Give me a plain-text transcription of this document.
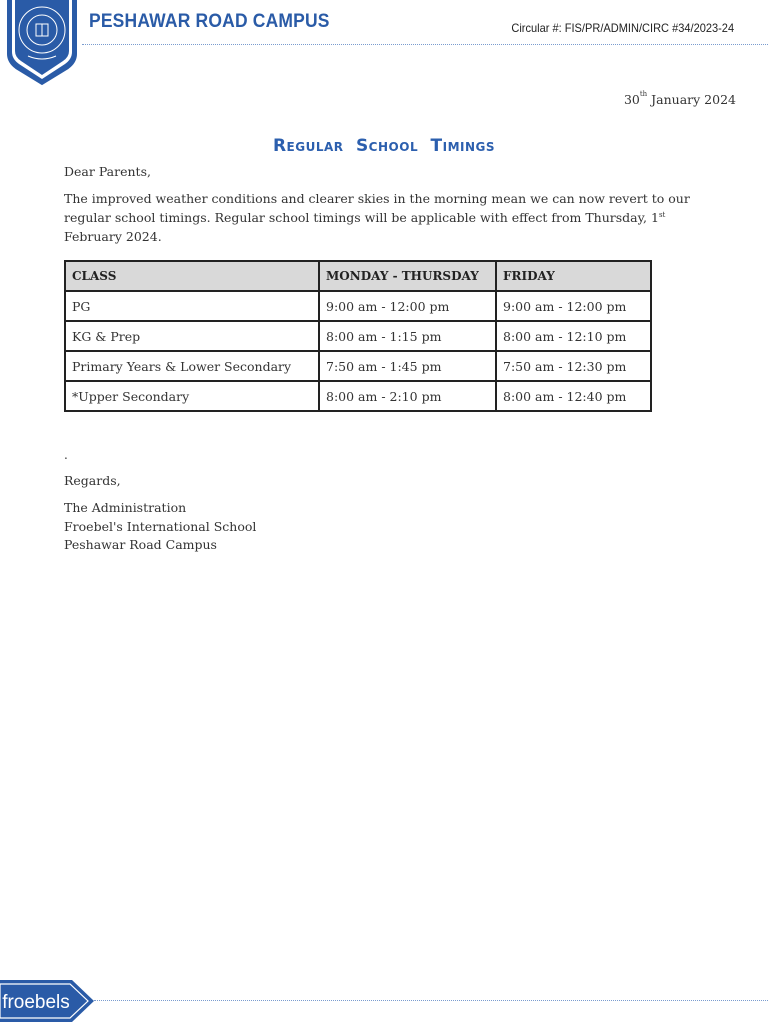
PESHAWAR ROAD CAMPUS	Circular #: FIS/PR/ADMIN/CIRC #34/2023-24
30th January 2024
Regular School Timings
Dear Parents,
The improved weather conditions and clearer skies in the morning mean we can now revert to our regular school timings. Regular school timings will be applicable with effect from Thursday, 1st February 2024.
CLASS	MONDAY - THURSDAY	FRIDAY
PG	9:00 am - 12:00 pm	9:00 am - 12:00 pm
KG & Prep	8:00 am - 1:15 pm	8:00 am - 12:10 pm
Primary Years & Lower Secondary	7:50 am - 1:45 pm	7:50 am - 12:30 pm
*Upper Secondary	8:00 am - 2:10 pm	8:00 am - 12:40 pm
.
Regards,
The Administration
Froebel's International School
Peshawar Road Campus
froebels
